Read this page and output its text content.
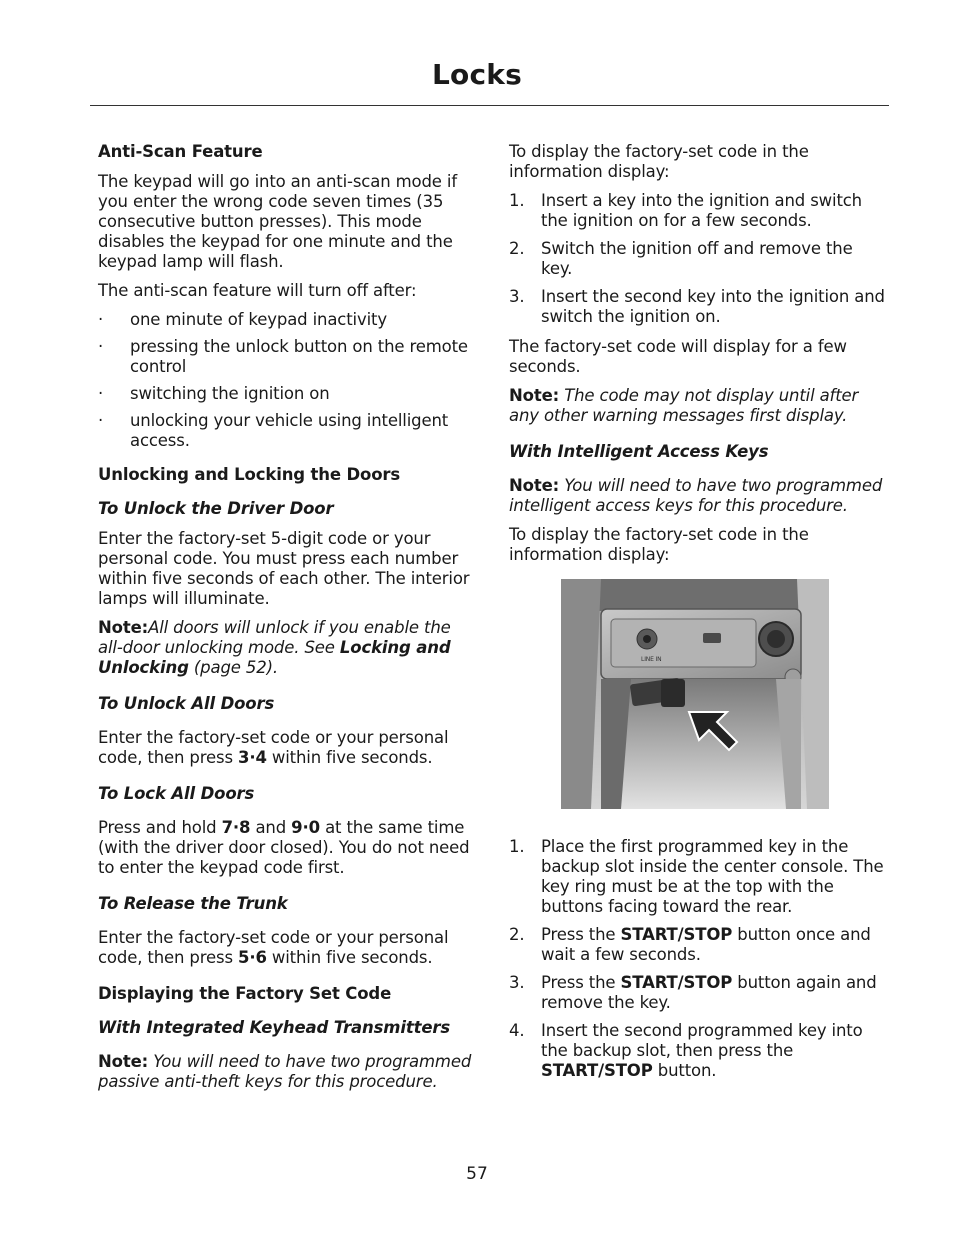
Locks
Anti-Scan Feature

The keypad will go into an anti-scan mode if you enter the wrong code seven times (35 consecutive button presses). This mode disables the keypad for one minute and the keypad lamp will flash.

The anti-scan feature will turn off after:

· one minute of keypad inactivity
· pressing the unlock button on the remote control
· switching the ignition on
· unlocking your vehicle using intelligent access.
Unlocking and Locking the Doors
To Unlock the Driver Door

Enter the factory-set 5-digit code or your personal code. You must press each number within five seconds of each other. The interior lamps will illuminate.

Note:All doors will unlock if you enable the all-door unlocking mode. See Locking and Unlocking (page 52).

To Unlock All Doors

Enter the factory-set code or your personal code, then press 3·4 within five seconds.

To Lock All Doors

Press and hold 7·8 and 9·0 at the same time (with the driver door closed). You do not need to enter the keypad code first.

To Release the Trunk

Enter the factory-set code or your personal code, then press 5·6 within five seconds.

Displaying the Factory Set Code
With Integrated Keyhead Transmitters

Note: You will need to have two programmed passive anti-theft keys for this procedure.

To display the factory-set code in the information display:

1. Insert a key into the ignition and switch the ignition on for a few seconds.
2. Switch the ignition off and remove the key.
3. Insert the second key into the ignition and switch the ignition on.

The factory-set code will display for a few seconds.

Note: The code may not display until after any other warning messages first display.

With Intelligent Access Keys

Note: You will need to have two programmed intelligent access keys for this procedure.

To display the factory-set code in the information display:

LINE IN
1. Place the first programmed key in the backup slot inside the center console. The key ring must be at the top with the buttons facing toward the rear.
2. Press the START/STOP button once and wait a few seconds.
3. Press the START/STOP button again and remove the key.
4. Insert the second programmed key into the backup slot, then press the START/STOP button.
57
